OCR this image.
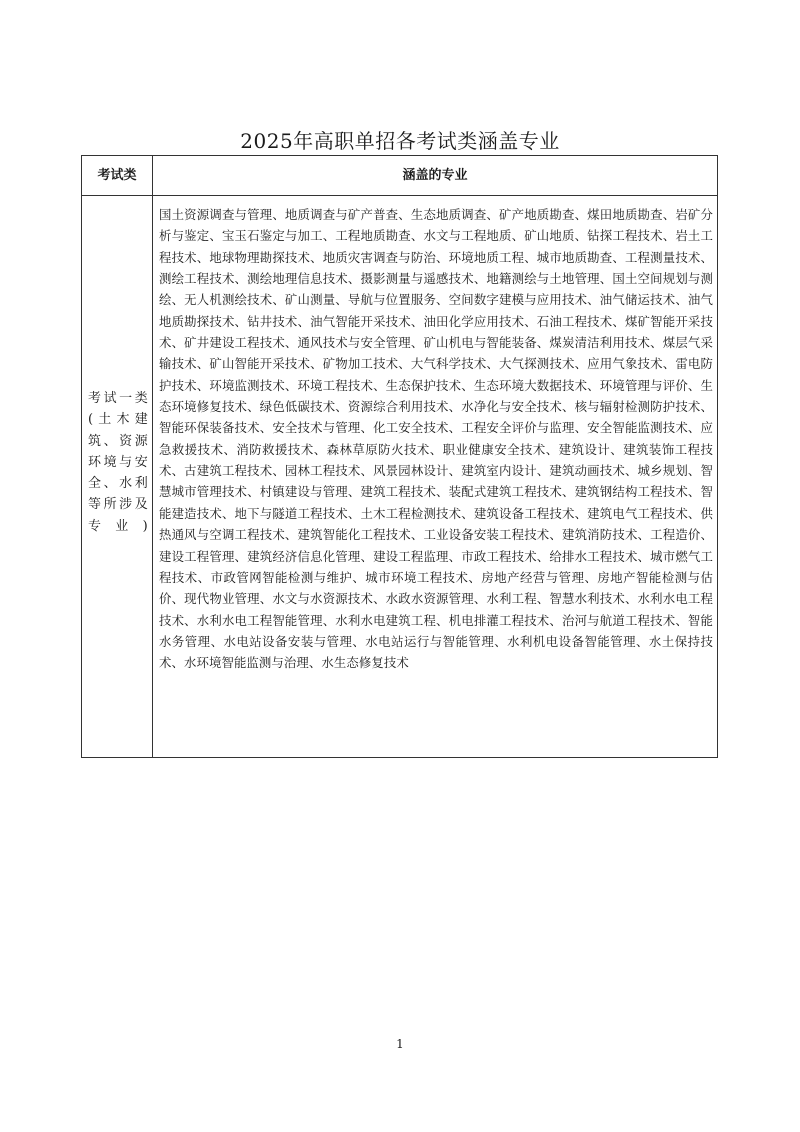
2025年高职单招各考试类涵盖专业
考试类	涵盖的专业
考试一类(土木建筑、资源环境与安全、水利等所涉及专业)
国土资源调查与管理、地质调查与矿产普查、生态地质调查、矿产地质勘查、煤田地质勘查、岩矿分析与鉴定、宝玉石鉴定与加工、工程地质勘查、水文与工程地质、矿山地质、钻探工程技术、岩土工程技术、地球物理勘探技术、地质灾害调查与防治、环境地质工程、城市地质勘查、工程测量技术、测绘工程技术、测绘地理信息技术、摄影测量与遥感技术、地籍测绘与土地管理、国土空间规划与测绘、无人机测绘技术、矿山测量、导航与位置服务、空间数字建模与应用技术、油气储运技术、油气地质勘探技术、钻井技术、油气智能开采技术、油田化学应用技术、石油工程技术、煤矿智能开采技术、矿井建设工程技术、通风技术与安全管理、矿山机电与智能装备、煤炭清洁利用技术、煤层气采输技术、矿山智能开采技术、矿物加工技术、大气科学技术、大气探测技术、应用气象技术、雷电防护技术、环境监测技术、环境工程技术、生态保护技术、生态环境大数据技术、环境管理与评价、生态环境修复技术、绿色低碳技术、资源综合利用技术、水净化与安全技术、核与辐射检测防护技术、智能环保装备技术、安全技术与管理、化工安全技术、工程安全评价与监理、安全智能监测技术、应急救援技术、消防救援技术、森林草原防火技术、职业健康安全技术、建筑设计、建筑装饰工程技术、古建筑工程技术、园林工程技术、风景园林设计、建筑室内设计、建筑动画技术、城乡规划、智慧城市管理技术、村镇建设与管理、建筑工程技术、装配式建筑工程技术、建筑钢结构工程技术、智能建造技术、地下与隧道工程技术、土木工程检测技术、建筑设备工程技术、建筑电气工程技术、供热通风与空调工程技术、建筑智能化工程技术、工业设备安装工程技术、建筑消防技术、工程造价、建设工程管理、建筑经济信息化管理、建设工程监理、市政工程技术、给排水工程技术、城市燃气工程技术、市政管网智能检测与维护、城市环境工程技术、房地产经营与管理、房地产智能检测与估价、现代物业管理、水文与水资源技术、水政水资源管理、水利工程、智慧水利技术、水利水电工程技术、水利水电工程智能管理、水利水电建筑工程、机电排灌工程技术、治河与航道工程技术、智能水务管理、水电站设备安装与管理、水电站运行与智能管理、水利机电设备智能管理、水土保持技术、水环境智能监测与治理、水生态修复技术
1
